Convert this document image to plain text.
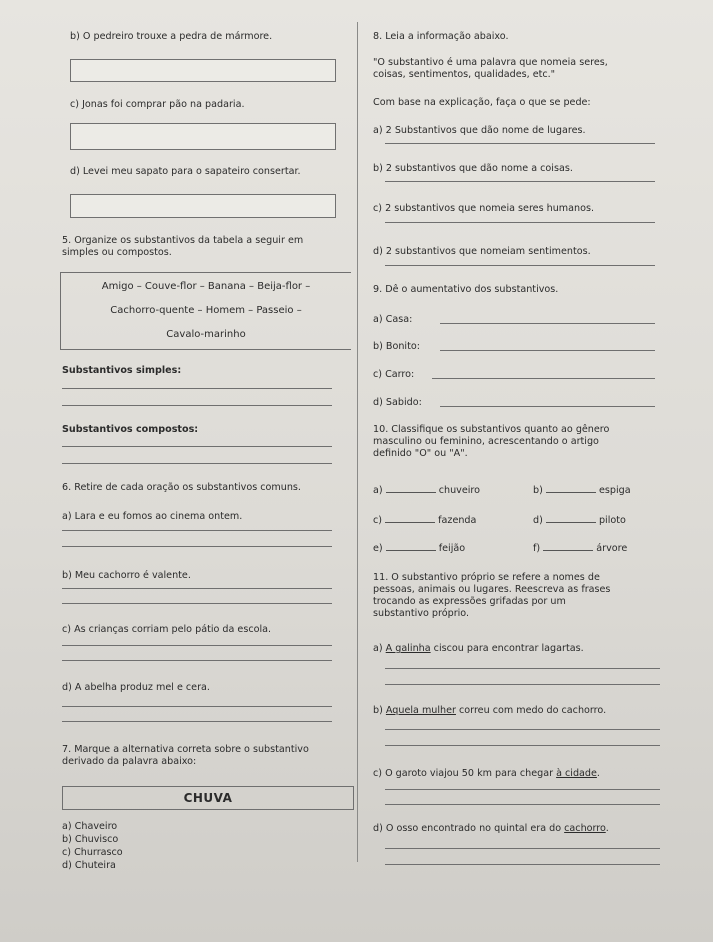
b) O pedreiro trouxe a pedra de mármore.
c) Jonas foi comprar pão na padaria.
d) Levei meu sapato para o sapateiro consertar.
5. Organize os substantivos da tabela a seguir em
simples ou compostos.
Amigo – Couve-flor – Banana – Beija-flor –
Cachorro-quente – Homem – Passeio –
Cavalo-marinho
Substantivos simples:
Substantivos compostos:
6. Retire de cada oração os substantivos comuns.
a) Lara e eu fomos ao cinema ontem.
b) Meu cachorro é valente.
c) As crianças corriam pelo pátio da escola.
d) A abelha produz mel e cera.
7. Marque a alternativa correta sobre o substantivo
derivado da palavra abaixo:
CHUVA
a) Chaveiro
b) Chuvisco
c) Churrasco
d) Chuteira
8. Leia a informação abaixo.
"O substantivo é uma palavra que nomeia seres,
coisas, sentimentos, qualidades, etc."
Com base na explicação, faça o que se pede:
a) 2 Substantivos que dão nome de lugares.
b) 2 substantivos que dão nome a coisas.
c) 2 substantivos que nomeia seres humanos.
d) 2 substantivos que nomeiam sentimentos.
9. Dê o aumentativo dos substantivos.
a) Casa:
b) Bonito:
c) Carro:
d) Sabido:
10. Classifique os substantivos quanto ao gênero
masculino ou feminino, acrescentando o artigo
definido "O" ou "A".
a)	chuveiro	b)	espiga
c)	fazenda	d)	piloto
e)	feijão	f)	árvore
11. O substantivo próprio se refere a nomes de
pessoas, animais ou lugares. Reescreva as frases
trocando as expressões grifadas por um
substantivo próprio.
a) A galinha ciscou para encontrar lagartas.
b) Aquela mulher correu com medo do cachorro.
c) O garoto viajou 50 km para chegar à cidade.
d) O osso encontrado no quintal era do cachorro.
